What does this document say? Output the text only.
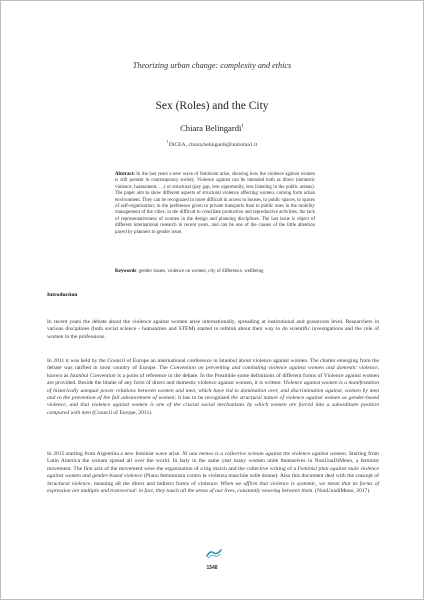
Theorizing urban change: complexity and ethics
Sex (Roles) and the City
Chiara Belingardi$^1$
$^1$DiCEA, chiara.belingardi@uniroma1.it
Abstract: In the last years a new wave of feminism arise, showing how the violence against women is still present in contemporary society. Violence against can be intended both as direct (domestic violence, harassment, …) or structural (pay gap, less opportunity, less listening in the public arenas). The paper aim to show different aspects of structural violence affecting women, coming form urban environment. They can be recognized in more difficult in access to houses, to public spaces, to spaces of self-organization; in the preference given to private transports than to public ones in the mobility management of the cities; in the difficult to conciliate productive and reproductive activities; the lack of representativeness of women in the design and planning disciplines. The last issue is object of different international research in recent years, and can be one of the causes of the little attention payed by planners to gender issue.
Keywords: gender issues, violence on women, city of difference, wellbeing
Introduction

In recent years the debate about the violence against women arise internationally, spreading at institutional and grassroots level. Researchers in various disciplines (both social science - humanities and STEM) started to rethink about their way to do scientific investigations and the role of women in the professions.

In 2011 it was held by the Council of Europe an international conference in Istanbul about violence against women. The charter emerging from the debate was ratified in most country of Europe. The Convention on preventing and combating violence against women and domestic violence, known as Istanbul Convention is a point of reference in the debate. In the Preamble some definitions of different forms of Violence against women are provided. Beside the blame of any form of direct and domestic violence against women, it is written: Violence against women is a manifestation of historically unequal power relations between women and men, which have led to domination over, and discrimination against, women by men and to the prevention of the full advancement of women; it has to be recognised the structural nature of violence against women as gender-based violence, and that violence against women is one of the crucial social mechanisms by which women are forced into a subordinate position compared with men (Council of Europe, 2011).

In 2015 starting from Argentina a new feminist wave arise. Ni una menos is a collective scream against the violence against women. Starting from Latin America the scream spread all over the world. In Italy in the same year many women unite themselves in NonUnaDiMeno, a feminist movement. The first acts of the movement were the organization of a big march and the collective writing of a Feminist plan against male violence against women and gender-based violence (Piano femminista contro la violenza maschile sulle donne). Also this document deal with the concept of Structural violence, meaning all the direct and indirect forms of violence: When we affirm that violence is systemic, we mean that its forms of expression are multiple and transversal: in fact, they touch all the areas of our lives, constantly weaving between them. (NonUnadiMeno, 2017).

1548
